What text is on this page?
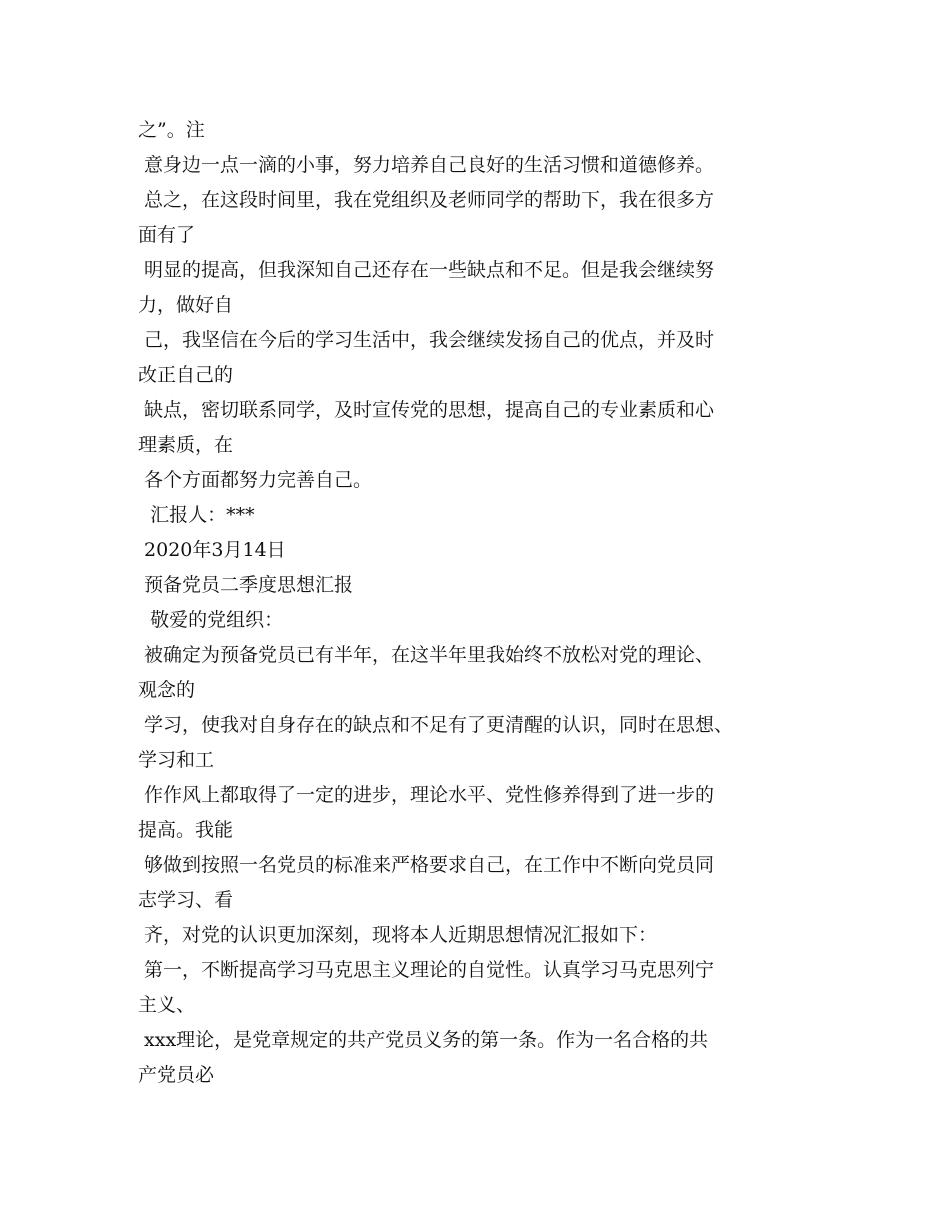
之”。注
意身边一点一滴的小事，努力培养自己良好的生活习惯和道德修养。
总之，在这段时间里，我在党组织及老师同学的帮助下，我在很多方
面有了
明显的提高，但我深知自己还存在一些缺点和不足。但是我会继续努
力，做好自
己，我坚信在今后的学习生活中，我会继续发扬自己的优点，并及时
改正自己的
缺点，密切联系同学，及时宣传党的思想，提高自己的专业素质和心
理素质，在
各个方面都努力完善自己。
汇报人：***
2020年3月14日
预备党员二季度思想汇报
敬爱的党组织：
被确定为预备党员已有半年，在这半年里我始终不放松对党的理论、
观念的
学习，使我对自身存在的缺点和不足有了更清醒的认识，同时在思想、
学习和工
作作风上都取得了一定的进步，理论水平、党性修养得到了进一步的
提高。我能
够做到按照一名党员的标准来严格要求自己，在工作中不断向党员同
志学习、看
齐，对党的认识更加深刻，现将本人近期思想情况汇报如下：
第一，不断提高学习马克思主义理论的自觉性。认真学习马克思列宁
主义、
xxx理论，是党章规定的共产党员义务的第一条。作为一名合格的共
产党员必
